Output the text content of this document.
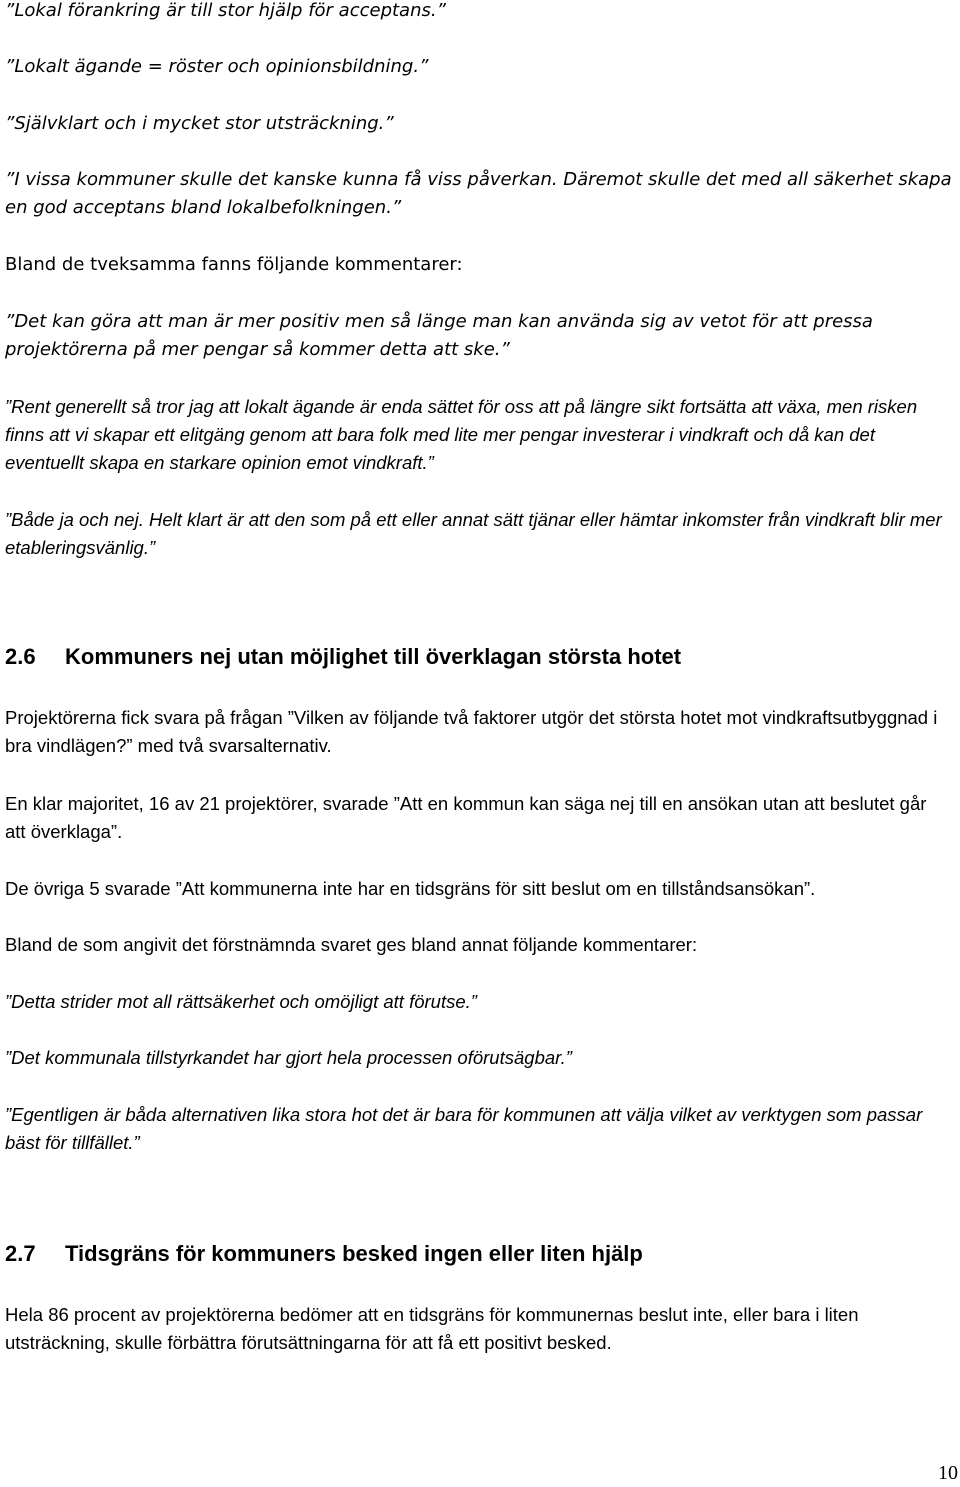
”Lokal förankring är till stor hjälp för acceptans.”

”Lokalt ägande = röster och opinionsbildning.”

”Självklart och i mycket stor utsträckning.”

”I vissa kommuner skulle det kanske kunna få viss påverkan. Däremot skulle det med all säkerhet skapa en god acceptans bland lokalbefolkningen.”

Bland de tveksamma fanns följande kommentarer:

”Det kan göra att man är mer positiv men så länge man kan använda sig av vetot för att pressa projektörerna på mer pengar så kommer detta att ske.”

”Rent generellt så tror jag att lokalt ägande är enda sättet för oss att på längre sikt fortsätta att växa, men risken finns att vi skapar ett elitgäng genom att bara folk med lite mer pengar investerar i vindkraft och då kan det eventuellt skapa en starkare opinion emot vindkraft.”

”Både ja och nej. Helt klart är att den som på ett eller annat sätt tjänar eller hämtar inkomster från vindkraft blir mer etableringsvänlig.”

2.6 Kommuners nej utan möjlighet till överklagan största hotet

Projektörerna fick svara på frågan ”Vilken av följande två faktorer utgör det största hotet mot vindkraftsutbyggnad i bra vindlägen?” med två svarsalternativ.

En klar majoritet, 16 av 21 projektörer, svarade ”Att en kommun kan säga nej till en ansökan utan att beslutet går att överklaga”.

De övriga 5 svarade ”Att kommunerna inte har en tidsgräns för sitt beslut om en tillståndsansökan”.

Bland de som angivit det förstnämnda svaret ges bland annat följande kommentarer:

”Detta strider mot all rättsäkerhet och omöjligt att förutse.”

”Det kommunala tillstyrkandet har gjort hela processen oförutsägbar.”

”Egentligen är båda alternativen lika stora hot det är bara för kommunen att välja vilket av verktygen som passar bäst för tillfället.”

2.7 Tidsgräns för kommuners besked ingen eller liten hjälp

Hela 86 procent av projektörerna bedömer att en tidsgräns för kommunernas beslut inte, eller bara i liten utsträckning, skulle förbättra förutsättningarna för att få ett positivt besked.

10
